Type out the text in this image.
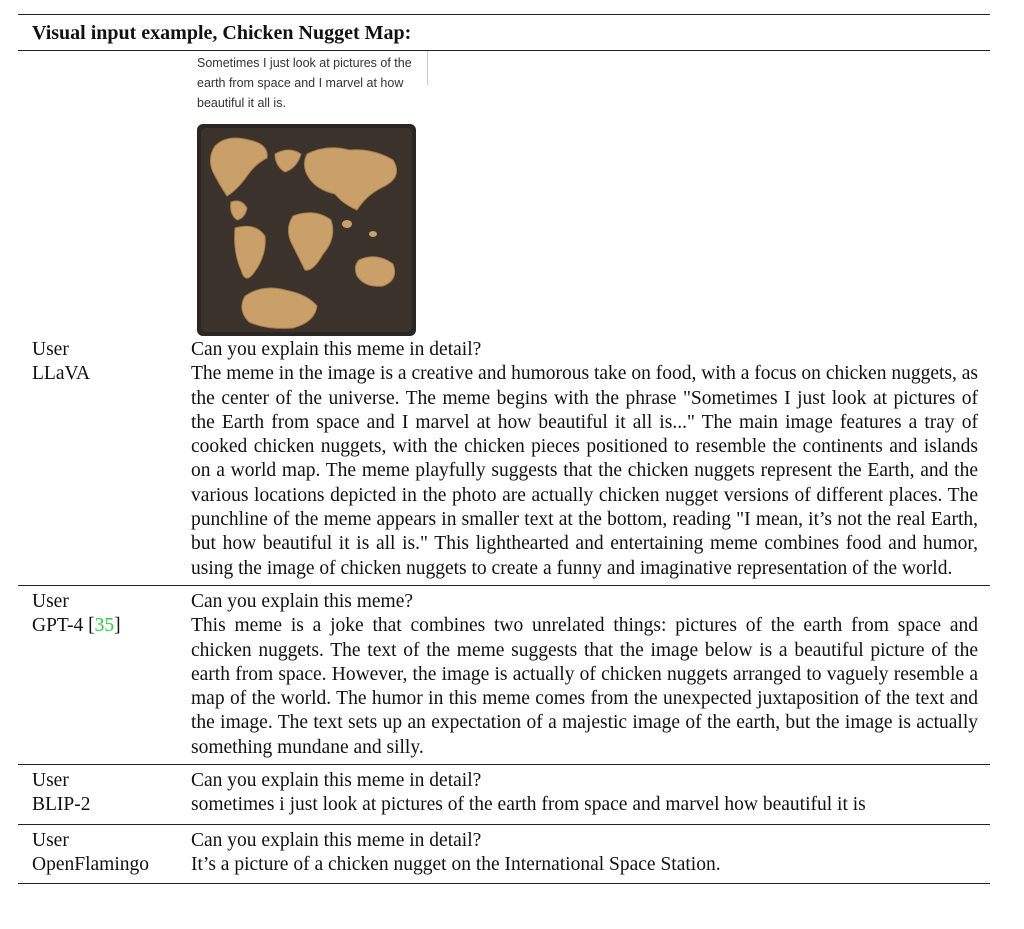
Visual input example, Chicken Nugget Map:
Sometimes I just look at pictures of the earth from space and I marvel at how beautiful it all is.
User
LLaVA
Can you explain this meme in detail?
The meme in the image is a creative and humorous take on food, with a focus on chicken nuggets, as the center of the universe. The meme begins with the phrase "Sometimes I just look at pictures of the Earth from space and I marvel at how beautiful it all is..." The main image features a tray of cooked chicken nuggets, with the chicken pieces positioned to resemble the continents and islands on a world map. The meme playfully suggests that the chicken nuggets represent the Earth, and the various locations depicted in the photo are actually chicken nugget versions of different places. The punchline of the meme appears in smaller text at the bottom, reading "I mean, it’s not the real Earth, but how beautiful it is all is." This lighthearted and entertaining meme combines food and humor, using the image of chicken nuggets to create a funny and imaginative representation of the world.
User
GPT-4 [35]
Can you explain this meme?
This meme is a joke that combines two unrelated things: pictures of the earth from space and chicken nuggets. The text of the meme suggests that the image below is a beautiful picture of the earth from space. However, the image is actually of chicken nuggets arranged to vaguely resemble a map of the world. The humor in this meme comes from the unexpected juxtaposition of the text and the image. The text sets up an expectation of a majestic image of the earth, but the image is actually something mundane and silly.
User
BLIP-2
Can you explain this meme in detail?
sometimes i just look at pictures of the earth from space and marvel how beautiful it is
User
OpenFlamingo
Can you explain this meme in detail?
It’s a picture of a chicken nugget on the International Space Station.
